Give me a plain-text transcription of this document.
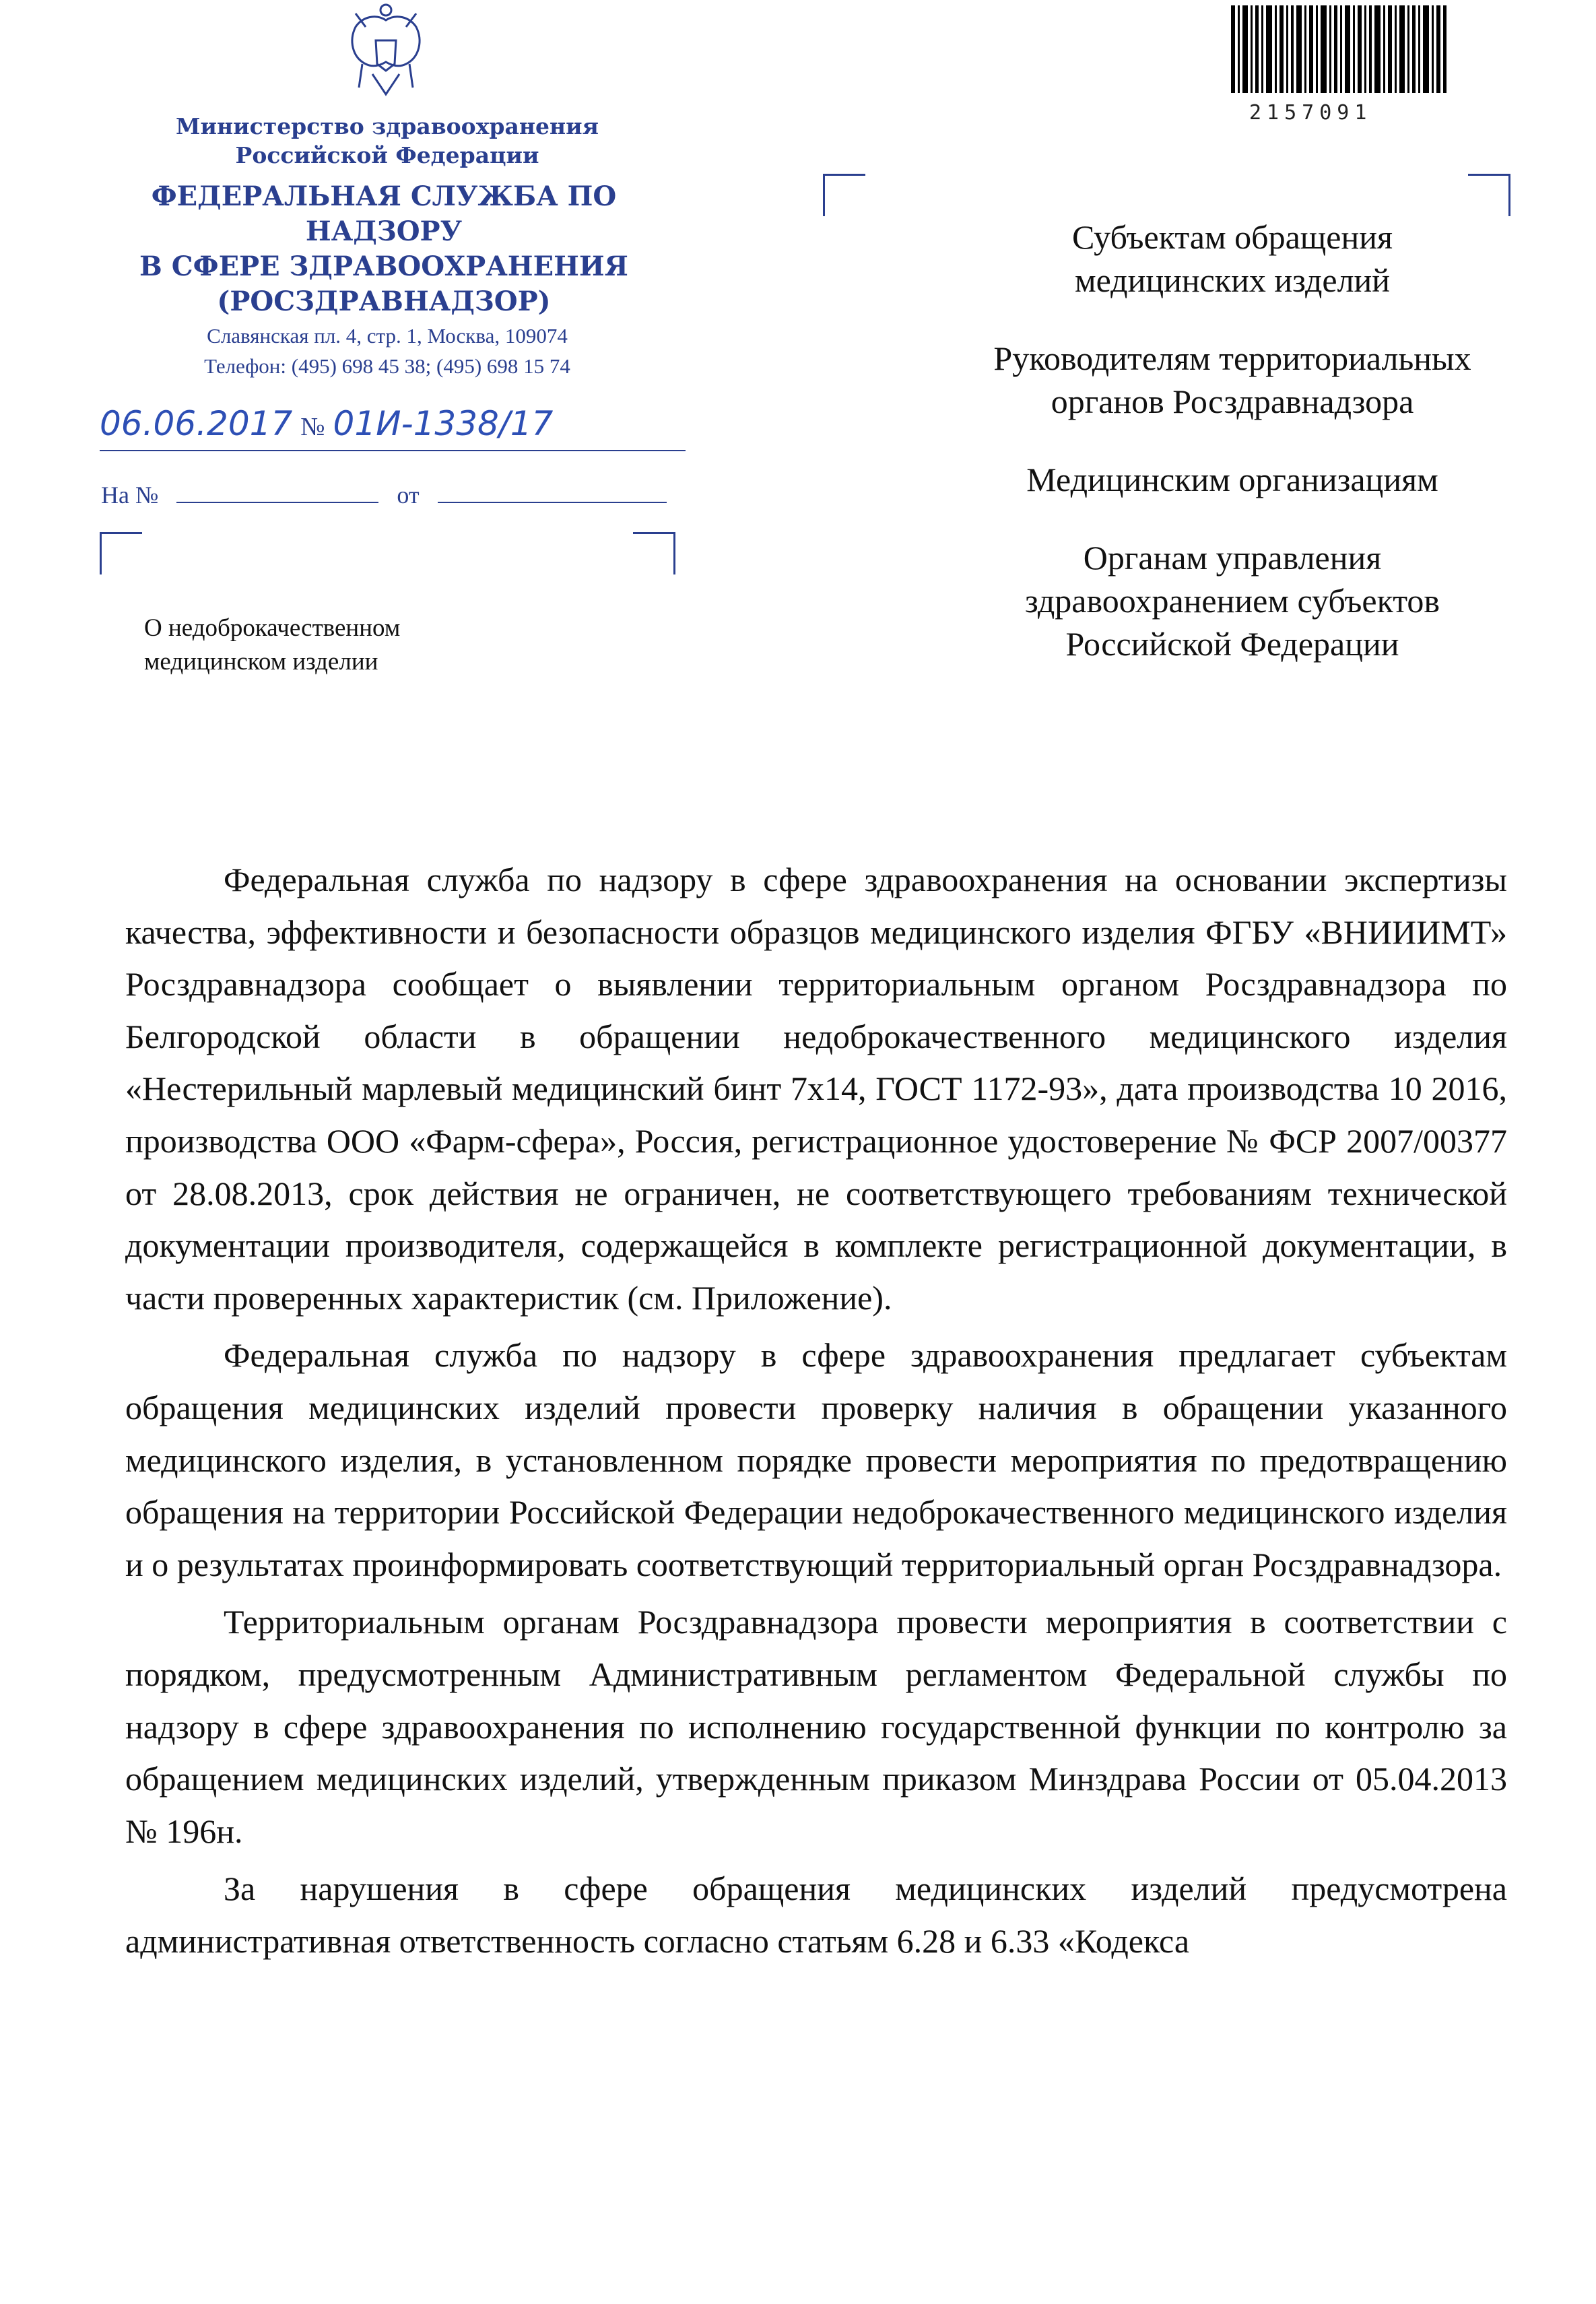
Министерство здравоохранения
Российской Федерации
ФЕДЕРАЛЬНАЯ СЛУЖБА ПО НАДЗОРУ
В СФЕРЕ ЗДРАВООХРАНЕНИЯ
(РОСЗДРАВНАДЗОР)
Славянская пл. 4, стр. 1, Москва, 109074
Телефон: (495) 698 45 38; (495) 698 15 74
06.06.2017 № 01И-1338/17
На №	от
О недоброкачественном
медицинском изделии
2157091
Субъектам обращения
медицинских изделий
Руководителям территориальных
органов Росздравнадзора
Медицинским организациям
Органам управления
здравоохранением субъектов
Российской Федерации

Федеральная служба по надзору в сфере здравоохранения на основании экспертизы качества, эффективности и безопасности образцов медицинского изделия ФГБУ «ВНИИИМТ» Росздравнадзора сообщает о выявлении территориальным органом Росздравнадзора по Белгородской области в обращении недоброкачественного медицинского изделия «Нестерильный марлевый медицинский бинт 7х14, ГОСТ 1172-93», дата производства 10 2016, производства ООО «Фарм-сфера», Россия, регистрационное удостоверение № ФСР 2007/00377 от 28.08.2013, срок действия не ограничен, не соответствующего требованиям технической документации производителя, содержащейся в комплекте регистрационной документации, в части проверенных характеристик (см. Приложение).

Федеральная служба по надзору в сфере здравоохранения предлагает субъектам обращения медицинских изделий провести проверку наличия в обращении указанного медицинского изделия, в установленном порядке провести мероприятия по предотвращению обращения на территории Российской Федерации недоброкачественного медицинского изделия и о результатах проинформировать соответствующий территориальный орган Росздравнадзора.

Территориальным органам Росздравнадзора провести мероприятия в соответствии с порядком, предусмотренным Административным регламентом Федеральной службы по надзору в сфере здравоохранения по исполнению государственной функции по контролю за обращением медицинских изделий, утвержденным приказом Минздрава России от 05.04.2013 № 196н.

За нарушения в сфере обращения медицинских изделий предусмотрена административная ответственность согласно статьям 6.28 и 6.33 «Кодекса
